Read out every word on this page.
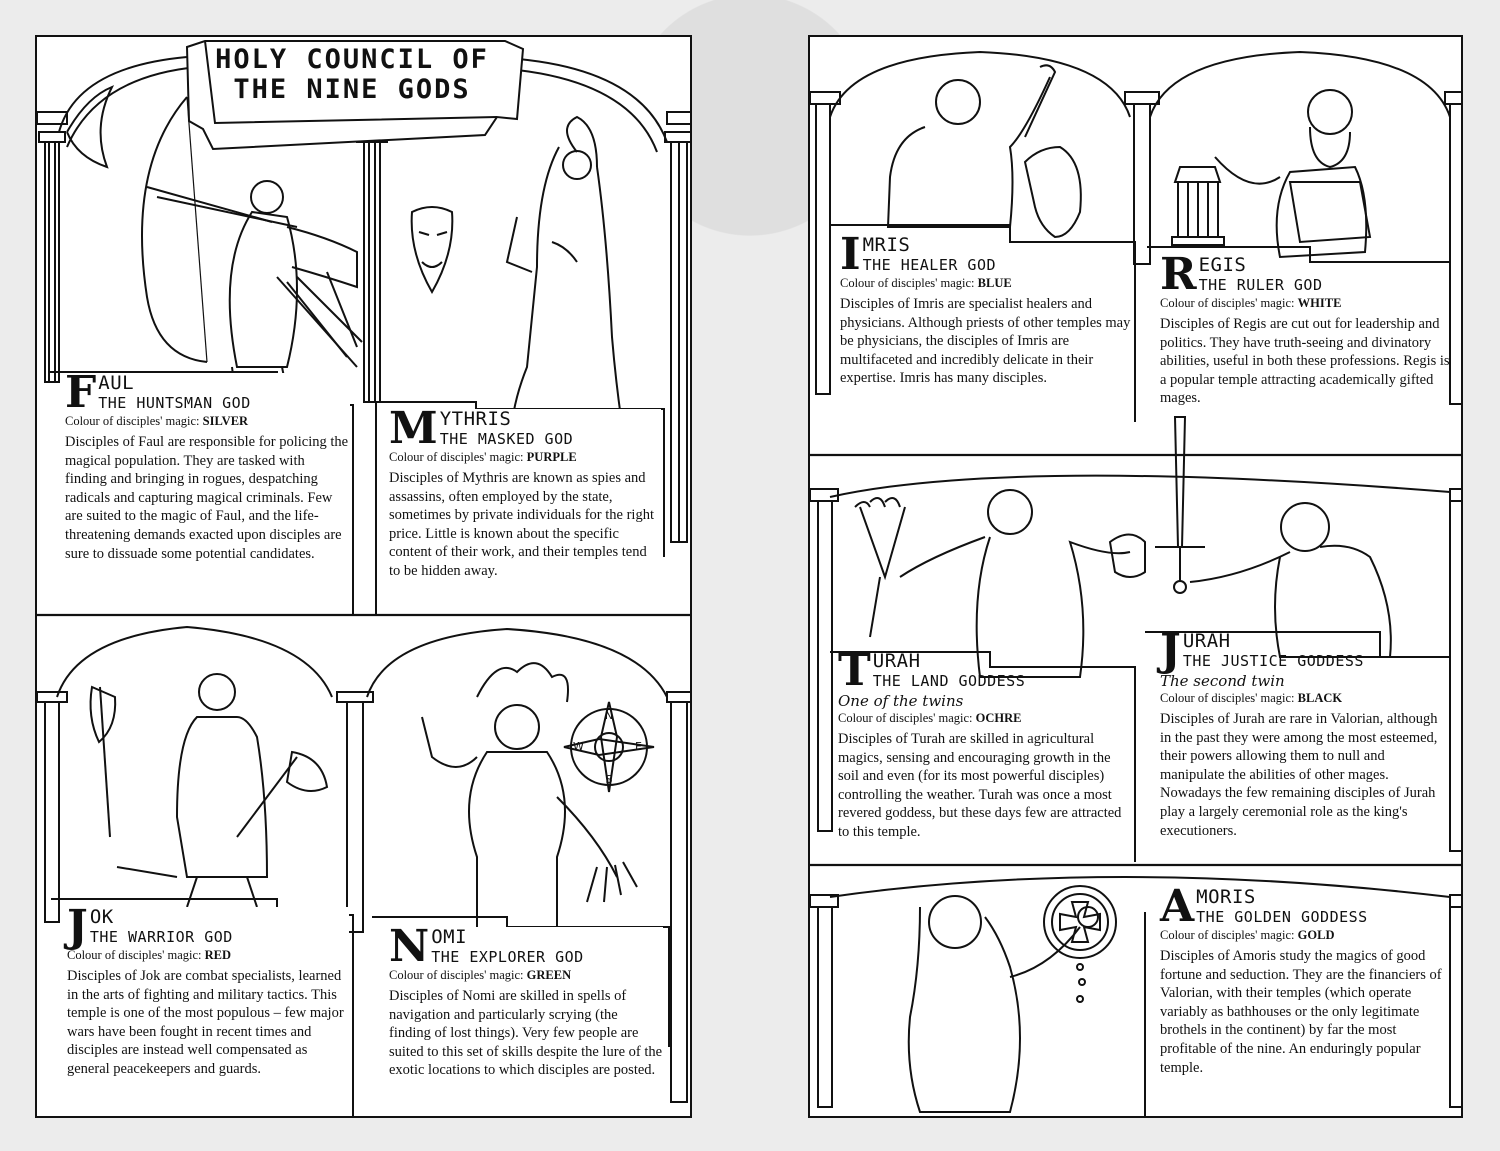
HOLY COUNCIL OF
THE NINE GODS
FAUL
THE HUNTSMAN GOD
Colour of disciples' magic: SILVER
Disciples of Faul are responsible for policing the magical population. They are tasked with finding and bringing in rogues, despatching radicals and capturing magical criminals. Few are suited to the magic of Faul, and the life-threatening demands exacted upon disciples are sure to dissuade some potential candidates.
MYTHRIS
THE MASKED GOD
Colour of disciples' magic: PURPLE
Disciples of Mythris are known as spies and assassins, often employed by the state, sometimes by private individuals for the right price. Little is known about the specific content of their work, and their temples tend to be hidden away.
JOK
THE WARRIOR GOD
Colour of disciples' magic: RED
Disciples of Jok are combat specialists, learned in the arts of fighting and military tactics. This temple is one of the most populous – few major wars have been fought in recent times and disciples are instead well compensated as general peacekeepers and guards.
NOMI
THE EXPLORER GOD
Colour of disciples' magic: GREEN
Disciples of Nomi are skilled in spells of navigation and particularly scrying (the finding of lost things). Very few people are suited to this set of skills despite the lure of the exotic locations to which disciples are posted.
N
S
W	E
IMRIS
THE HEALER GOD
Colour of disciples' magic: BLUE
Disciples of Imris are specialist healers and physicians. Although priests of other temples may be physicians, the disciples of Imris are multifaceted and incredibly delicate in their expertise. Imris has many disciples.
REGIS
THE RULER GOD
Colour of disciples' magic: WHITE
Disciples of Regis are cut out for leadership and politics. They have truth-seeing and divinatory abilities, useful in both these professions. Regis is a popular temple attracting academically gifted mages.
TURAH
THE LAND GODDESS
One of the twins
Colour of disciples' magic: OCHRE
Disciples of Turah are skilled in agricultural magics, sensing and encouraging growth in the soil and even (for its most powerful disciples) controlling the weather. Turah was once a most revered goddess, but these days few are attracted to this temple.
JURAH
THE JUSTICE GODDESS
The second twin
Colour of disciples' magic: BLACK
Disciples of Jurah are rare in Valorian, although in the past they were among the most esteemed, their powers allowing them to null and manipulate the abilities of other mages. Nowadays the few remaining disciples of Jurah play a largely ceremonial role as the king's executioners.
AMORIS
THE GOLDEN GODDESS
Colour of disciples' magic: GOLD
Disciples of Amoris study the magics of good fortune and seduction. They are the financiers of Valorian, with their temples (which operate variably as bathhouses or the only legitimate brothels in the continent) by far the most profitable of the nine. An enduringly popular temple.
